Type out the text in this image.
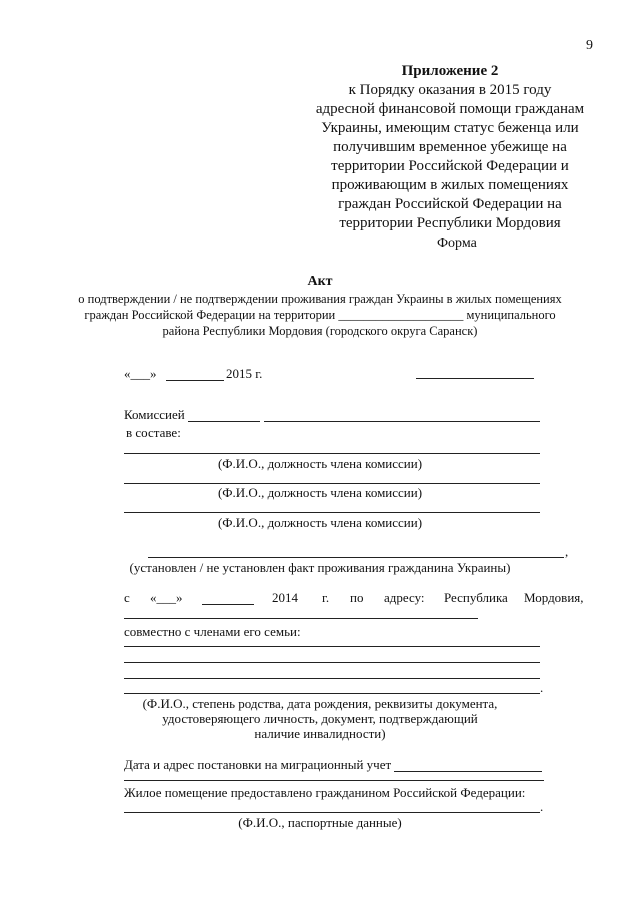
9
Приложение 2
к Порядку оказания в 2015 году
адресной финансовой помощи гражданам
Украины, имеющим статус беженца или
получившим временное убежище на
территории Российской Федерации и
проживающим в жилых помещениях
граждан Российской Федерации на
территории Республики Мордовия
Форма
Акт
о подтверждении / не подтверждении проживания граждан Украины в жилых помещениях
граждан Российской Федерации на территории ____________________ муниципального
района Республики Мордовия (городского округа Саранск)
«___»	2015 г.
Комиссией
в составе:
(Ф.И.О., должность члена комиссии)
(Ф.И.О., должность члена комиссии)
(Ф.И.О., должность члена комиссии)
,
(установлен / не установлен факт проживания гражданина Украины)
с «___»	2014 г. по адресу: Республика Мордовия,
совместно с членами его семьи:
.
(Ф.И.О., степень родства, дата рождения, реквизиты документа,
удостоверяющего личность, документ, подтверждающий
наличие инвалидности)
Дата и адрес постановки на миграционный учет
Жилое помещение предоставлено гражданином Российской Федерации:
.
(Ф.И.О., паспортные данные)
